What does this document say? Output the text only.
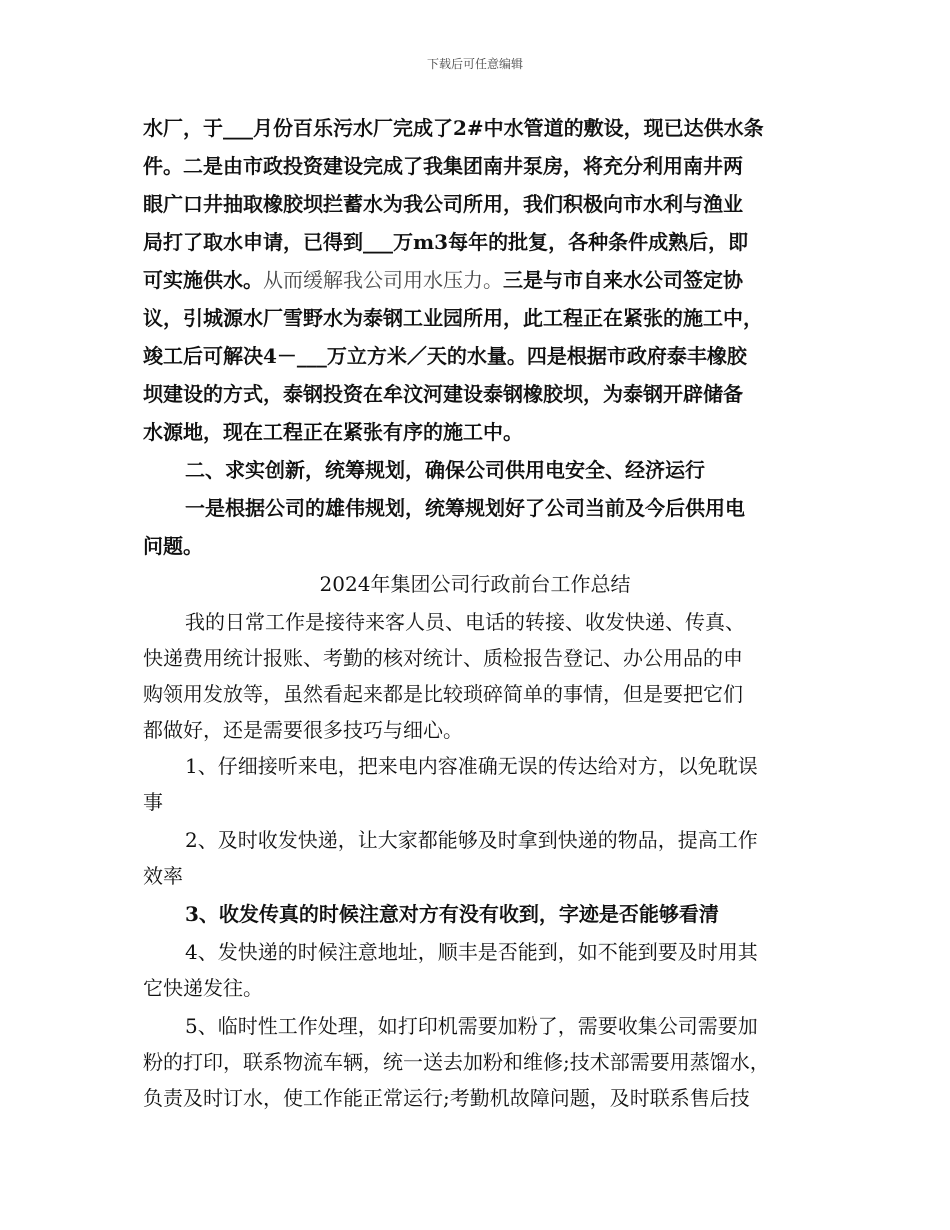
下载后可任意编辑
水厂，于___月份百乐污水厂完成了2#中水管道的敷设，现已达供水条
件。二是由市政投资建设完成了我集团南井泵房，将充分利用南井两
眼广口井抽取橡胶坝拦蓄水为我公司所用，我们积极向市水利与渔业
局打了取水申请，已得到___万m3每年的批复，各种条件成熟后，即
可实施供水。从而缓解我公司用水压力。三是与市自来水公司签定协
议，引城源水厂雪野水为泰钢工业园所用，此工程正在紧张的施工中，
竣工后可解决4－___万立方米／天的水量。四是根据市政府泰丰橡胶
坝建设的方式，泰钢投资在牟汶河建设泰钢橡胶坝，为泰钢开辟储备
水源地，现在工程正在紧张有序的施工中。
二、求实创新，统筹规划，确保公司供用电安全、经济运行
一是根据公司的雄伟规划，统筹规划好了公司当前及今后供用电
问题。
2024年集团公司行政前台工作总结
我的日常工作是接待来客人员、电话的转接、收发快递、传真、
快递费用统计报账、考勤的核对统计、质检报告登记、办公用品的申
购领用发放等，虽然看起来都是比较琐碎简单的事情，但是要把它们
都做好，还是需要很多技巧与细心。
1、仔细接听来电，把来电内容准确无误的传达给对方，以免耽误
事
2、及时收发快递，让大家都能够及时拿到快递的物品，提高工作
效率
3、收发传真的时候注意对方有没有收到，字迹是否能够看清
4、发快递的时候注意地址，顺丰是否能到，如不能到要及时用其
它快递发往。
5、临时性工作处理，如打印机需要加粉了，需要收集公司需要加
粉的打印，联系物流车辆，统一送去加粉和维修;技术部需要用蒸馏水，
负责及时订水，使工作能正常运行;考勤机故障问题，及时联系售后技
